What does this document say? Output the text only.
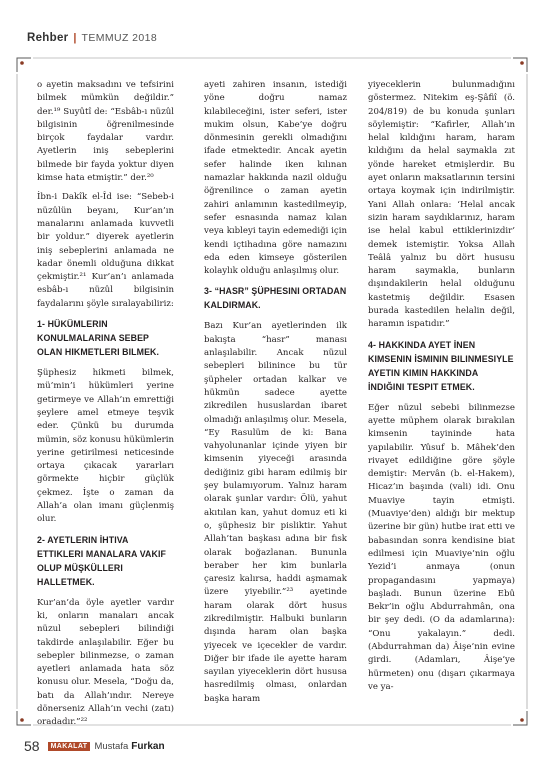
Rehber | TEMMUZ 2018

o ayetin maksadını ve tefsirini bilmek mümkün değildir.” der.¹⁹ Suyûtî de: “Esbâb-ı nüzûl bilgisinin öğrenilmesinde birçok faydalar vardır. Ayetlerin iniş sebeplerini bilmede bir fayda yoktur diyen kimse hata etmiştir.” der.²⁰

İbn-i Dakîk el-Îd ise: “Sebeb-i nüzûlün beyanı, Kur’an’ın manalarını anlamada kuvvetli bir yoldur.” diyerek ayetlerin iniş sebeplerini anlamada ne kadar önemli olduğuna dikkat çekmiştir.²¹ Kur’an’ı anlamada esbâb-ı nüzûl bilgisinin faydalarını şöyle sıralayabiliriz:

1- HÜKÜMLERIN KONULMALARINA SEBEP OLAN HIKMETLERI BILMEK.

Şüphesiz hikmeti bilmek, mü’min’i hükümleri yerine getirmeye ve Allah’ın emrettiği şeylere amel etmeye teşvik eder. Çünkü bu durumda mümin, söz konusu hükümlerin yerine getirilmesi neticesinde ortaya çıkacak yararları görmekte hiçbir güçlük çekmez. İşte o zaman da Allah’a olan imanı güçlenmiş olur.

2- AYETLERIN İHTIVA ETTIKLERI MANALARA VAKIF OLUP MÜŞKÜLLERI HALLETMEK.

Kur’an’da öyle ayetler vardır ki, onların manaları ancak nüzul sebepleri bilindiği takdirde anlaşılabilir. Eğer bu sebepler bilinmezse, o zaman ayetleri anlamada hata söz konusu olur. Mesela, “Doğu da, batı da Allah’ındır. Nereye dönerseniz Allah’ın vechi (zatı) oradadır.”²²

ayeti zahiren insanın, istediği yöne doğru namaz kılabileceğini, ister seferi, ister mukim olsun, Kabe’ye doğru dönmesinin gerekli olmadığını ifade etmektedir. Ancak ayetin sefer halinde iken kılınan namazlar hakkında nazil olduğu öğrenilince o zaman ayetin zahiri anlamının kastedilmeyip, sefer esnasında namaz kılan veya kıbleyi tayin edemediği için kendi içtihadına göre namazını eda eden kimseye gösterilen kolaylık olduğu anlaşılmış olur.

3- “HASR” ŞÜPHESINI ORTADAN KALDIRMAK.

Bazı Kur’an ayetlerinden ilk bakışta “hasr” manası anlaşılabilir. Ancak nüzul sebepleri bilinince bu tür şüpheler ortadan kalkar ve hükmün sadece ayette zikredilen hususlardan ibaret olmadığı anlaşılmış olur. Mesela, “Ey Rasulüm de ki: Bana vahyolunanlar içinde yiyen bir kimsenin yiyeceği arasında dediğiniz gibi haram edilmiş bir şey bulamıyorum. Yalnız haram olarak şunlar vardır: Ölü, yahut akıtılan kan, yahut domuz eti ki o, şüphesiz bir pisliktir. Yahut Allah’tan başkası adına bir fısk olarak boğazlanan. Bununla beraber her kim bunlarla çaresiz kalırsa, haddi aşmamak üzere yiyebilir.”²³ ayetinde haram olarak dört husus zikredilmiştir. Halbuki bunların dışında haram olan başka yiyecek ve içecekler de vardır. Diğer bir ifade ile ayette haram sayılan yiyeceklerin dört hususa hasredilmiş olması, onlardan başka haram

yiyeceklerin bulunmadığını göstermez. Nitekim eş-Şâfiî (ö. 204/819) de bu konuda şunları söylemiştir: “Kafirler, Allah’ın helal kıldığını haram, haram kıldığını da helal saymakla zıt yönde hareket etmişlerdir. Bu ayet onların maksatlarının tersini ortaya koymak için indirilmiştir. Yani Allah onlara: ‘Helal ancak sizin haram saydıklarınız, haram ise helal kabul ettiklerinizdir’ demek istemiştir. Yoksa Allah Teâlâ yalnız bu dört hususu haram saymakla, bunların dışındakilerin helal olduğunu kastetmiş değildir. Esasen burada kastedilen helalin değil, haramın ispatıdır.”

4- HAKKINDA AYET İNEN KIMSENIN İSMININ BILINMESIYLE AYETIN KIMIN HAKKINDA İNDIĞINI TESPIT ETMEK.

Eğer nüzul sebebi bilinmezse ayette müphem olarak bırakılan kimsenin tayininde hata yapılabilir. Yûsuf b. Mâhek’den rivayet edildiğine göre şöyle demiştir: Mervân (b. el-Hakem), Hicaz’ın başında (vali) idi. Onu Muaviye tayin etmişti. (Muaviye’den) aldığı bir mektup üzerine bir gün) hutbe irat etti ve babasından sonra kendisine biat edilmesi için Muaviye’nin oğlu Yezid’i anmaya (onun propagandasını yapmaya) başladı. Bunun üzerine Ebû Bekr’in oğlu Abdurrahmân, ona bir şey dedi. (O da adamlarına): “Onu yakalayın.” dedi. (Abdurrahman da) Âişe’nin evine girdi. (Adamları, Âişe’ye hürmeten) onu (dışarı çıkarmaya ve ya-

58	MAKALAT Mustafa Furkan
